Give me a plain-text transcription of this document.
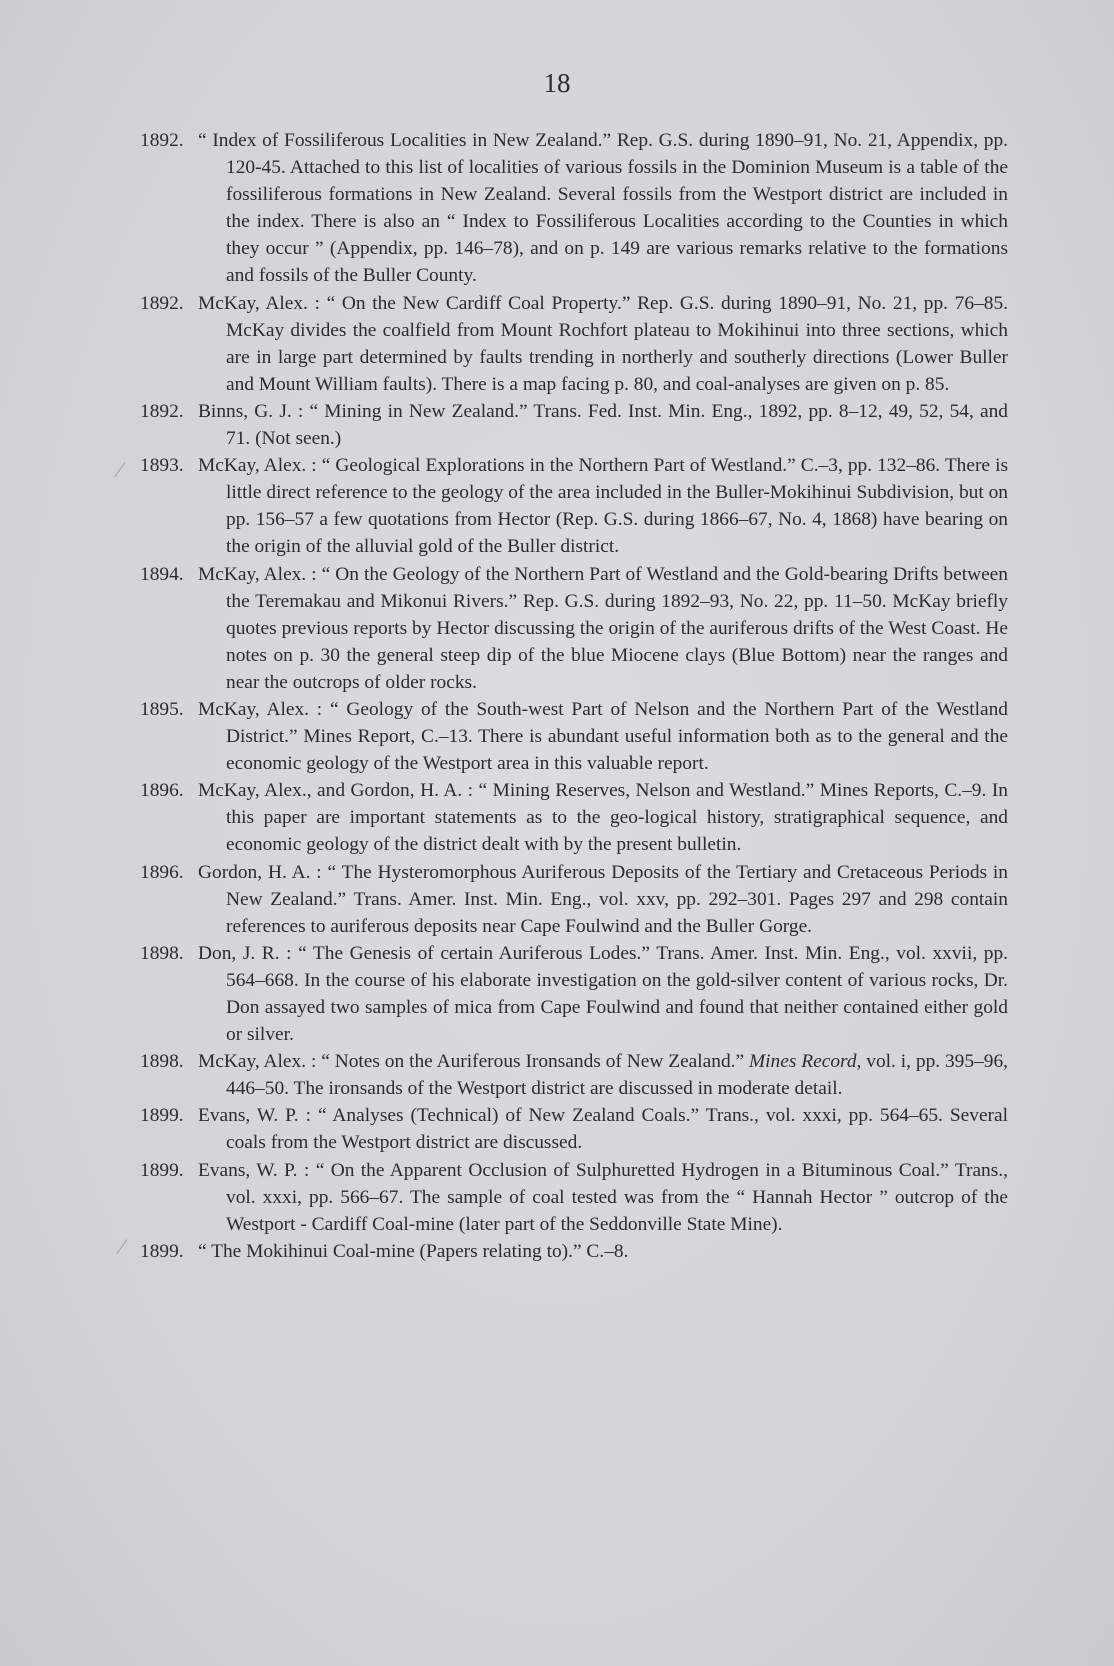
18
⁄
⁄

1892. “ Index of Fossiliferous Localities in New Zealand.” Rep. G.S. during 1890–91, No. 21, Appendix, pp. 120-45. Attached to this list of localities of various fossils in the Dominion Museum is a table of the fossiliferous formations in New Zealand. Several fossils from the Westport district are included in the index. There is also an “ Index to Fossiliferous Localities according to the Counties in which they occur ” (Appendix, pp. 146–78), and on p. 149 are various remarks relative to the formations and fossils of the Buller County.

1892. McKay, Alex. : “ On the New Cardiff Coal Property.” Rep. G.S. during 1890–91, No. 21, pp. 76–85. McKay divides the coalfield from Mount Rochfort plateau to Mokihinui into three sections, which are in large part determined by faults trending in northerly and southerly directions (Lower Buller and Mount William faults). There is a map facing p. 80, and coal-analyses are given on p. 85.

1892. Binns, G. J. : “ Mining in New Zealand.” Trans. Fed. Inst. Min. Eng., 1892, pp. 8–12, 49, 52, 54, and 71. (Not seen.)

1893. McKay, Alex. : “ Geological Explorations in the Northern Part of Westland.” C.–3, pp. 132–86. There is little direct reference to the geology of the area included in the Buller-Mokihinui Subdivision, but on pp. 156–57 a few quotations from Hector (Rep. G.S. during 1866–67, No. 4, 1868) have bearing on the origin of the alluvial gold of the Buller district.

1894. McKay, Alex. : “ On the Geology of the Northern Part of Westland and the Gold-bearing Drifts between the Teremakau and Mikonui Rivers.” Rep. G.S. during 1892–93, No. 22, pp. 11–50. McKay briefly quotes previous reports by Hector discussing the origin of the auriferous drifts of the West Coast. He notes on p. 30 the general steep dip of the blue Miocene clays (Blue Bottom) near the ranges and near the outcrops of older rocks.

1895. McKay, Alex. : “ Geology of the South-west Part of Nelson and the Northern Part of the Westland District.” Mines Report, C.–13. There is abundant useful information both as to the general and the economic geology of the Westport area in this valuable report.

1896. McKay, Alex., and Gordon, H. A. : “ Mining Reserves, Nelson and Westland.” Mines Reports, C.–9. In this paper are important statements as to the geo-logical history, stratigraphical sequence, and economic geology of the district dealt with by the present bulletin.

1896. Gordon, H. A. : “ The Hysteromorphous Auriferous Deposits of the Tertiary and Cretaceous Periods in New Zealand.” Trans. Amer. Inst. Min. Eng., vol. xxv, pp. 292–301. Pages 297 and 298 contain references to auriferous deposits near Cape Foulwind and the Buller Gorge.

1898. Don, J. R. : “ The Genesis of certain Auriferous Lodes.” Trans. Amer. Inst. Min. Eng., vol. xxvii, pp. 564–668. In the course of his elaborate investigation on the gold-silver content of various rocks, Dr. Don assayed two samples of mica from Cape Foulwind and found that neither contained either gold or silver.

1898. McKay, Alex. : “ Notes on the Auriferous Ironsands of New Zealand.” Mines Record, vol. i, pp. 395–96, 446–50. The ironsands of the Westport district are discussed in moderate detail.

1899. Evans, W. P. : “ Analyses (Technical) of New Zealand Coals.” Trans., vol. xxxi, pp. 564–65. Several coals from the Westport district are discussed.

1899. Evans, W. P. : “ On the Apparent Occlusion of Sulphuretted Hydrogen in a Bituminous Coal.” Trans., vol. xxxi, pp. 566–67. The sample of coal tested was from the “ Hannah Hector ” outcrop of the Westport - Cardiff Coal-mine (later part of the Seddonville State Mine).

1899. “ The Mokihinui Coal-mine (Papers relating to).” C.–8.
